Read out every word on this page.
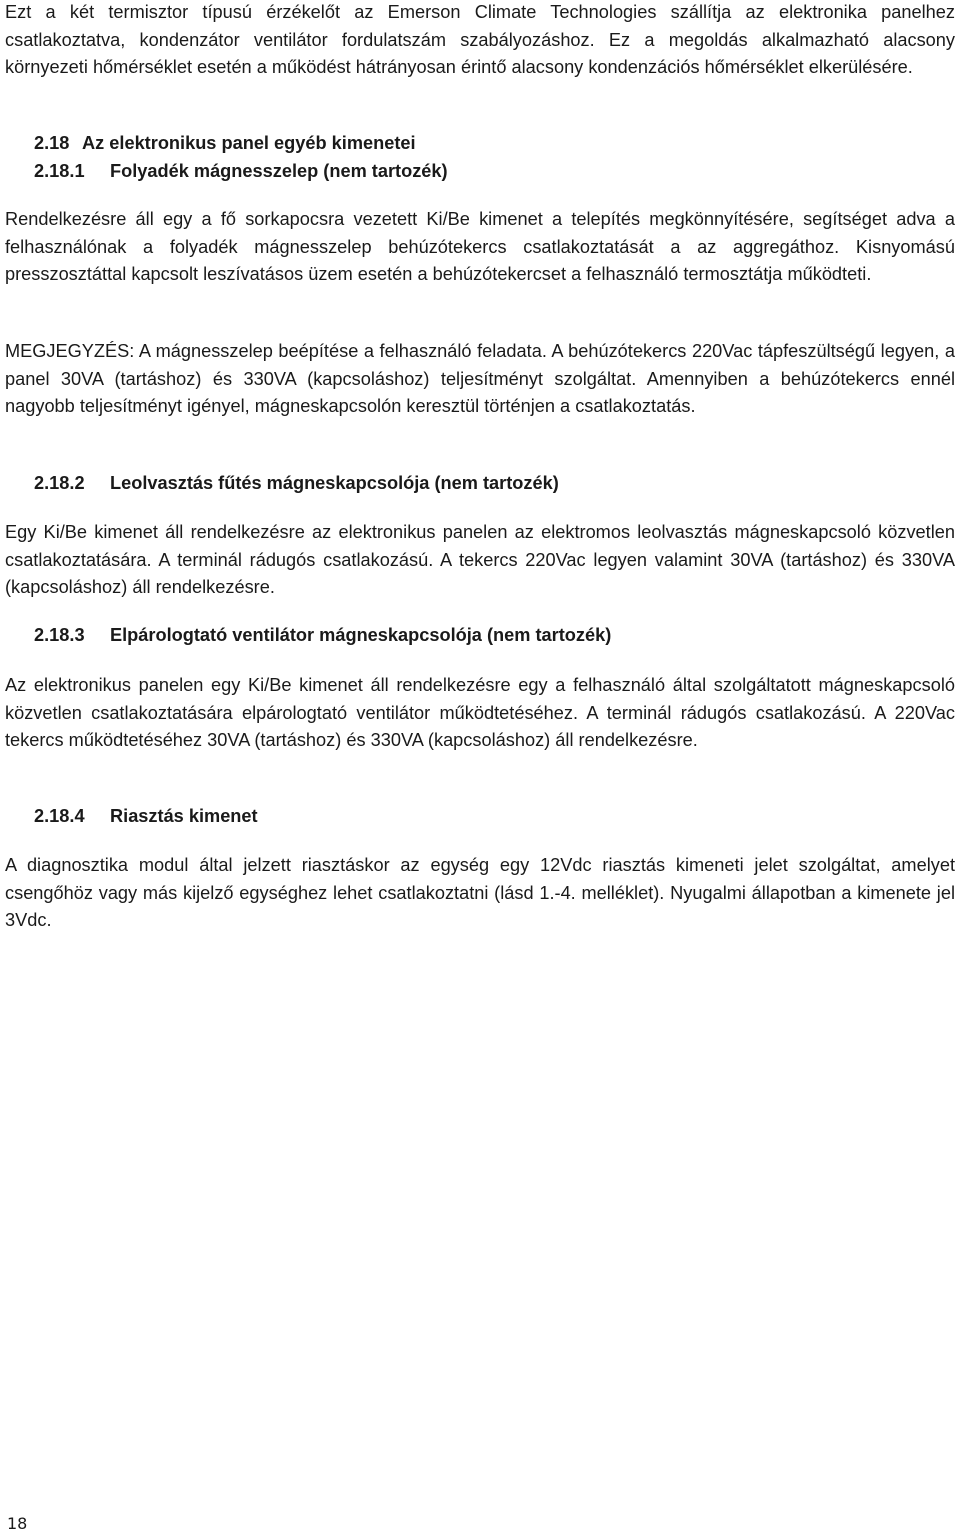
Ezt a két termisztor típusú érzékelőt az Emerson Climate Technologies szállítja az elektronika panelhez csatlakoztatva, kondenzátor ventilátor fordulatszám szabályozáshoz. Ez a megoldás alkalmazható alacsony környezeti hőmérséklet esetén a működést hátrányosan érintő alacsony kondenzációs hőmérséklet elkerülésére.

2.18 Az elektronikus panel egyéb kimenetei
2.18.1 Folyadék mágnesszelep (nem tartozék)

Rendelkezésre áll egy a fő sorkapocsra vezetett Ki/Be kimenet a telepítés megkönnyítésére, segítséget adva a felhasználónak a folyadék mágnesszelep behúzótekercs csatlakoztatását a az aggregáthoz. Kisnyomású presszosztáttal kapcsolt leszívatásos üzem esetén a behúzótekercset a felhasználó termosztátja működteti.

MEGJEGYZÉS: A mágnesszelep beépítése a felhasználó feladata. A behúzótekercs 220Vac tápfeszültségű legyen, a panel 30VA (tartáshoz) és 330VA (kapcsoláshoz) teljesítményt szolgáltat. Amennyiben a behúzótekercs ennél nagyobb teljesítményt igényel, mágneskapcsolón keresztül történjen a csatlakoztatás.

2.18.2 Leolvasztás fűtés mágneskapcsolója (nem tartozék)

Egy Ki/Be kimenet áll rendelkezésre az elektronikus panelen az elektromos leolvasztás mágneskapcsoló közvetlen csatlakoztatására. A terminál rádugós csatlakozású. A tekercs 220Vac legyen valamint 30VA (tartáshoz) és 330VA (kapcsoláshoz) áll rendelkezésre.

2.18.3 Elpárologtató ventilátor mágneskapcsolója (nem tartozék)

Az elektronikus panelen egy Ki/Be kimenet áll rendelkezésre egy a felhasználó által szolgáltatott mágneskapcsoló közvetlen csatlakoztatására elpárologtató ventilátor működtetéséhez. A terminál rádugós csatlakozású. A 220Vac tekercs működtetéséhez 30VA (tartáshoz) és 330VA (kapcsoláshoz) áll rendelkezésre.

2.18.4 Riasztás kimenet

A diagnosztika modul által jelzett riasztáskor az egység egy 12Vdc riasztás kimeneti jelet szolgáltat, amelyet csengőhöz vagy más kijelző egységhez lehet csatlakoztatni (lásd 1.-4. melléklet). Nyugalmi állapotban a kimenete jel 3Vdc.

18
